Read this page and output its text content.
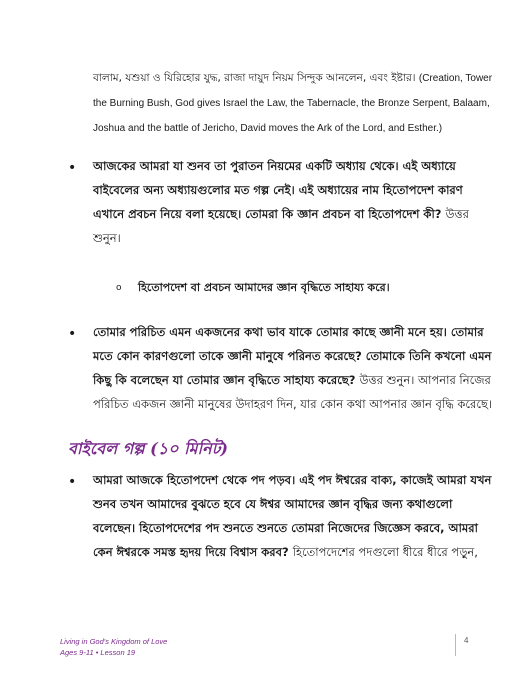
বালাম, যশুয়া ও যিরিহোর যুদ্ধ, রাজা দায়ুদ নিয়ম সিন্দুক আনলেন, এবং ইষ্টার। (Creation, Tower the Burning Bush, God gives Israel the Law, the Tabernacle, the Bronze Serpent, Balaam, Joshua and the battle of Jericho, David moves the Ark of the Lord, and Esther.)
• আজকের আমরা যা শুনব তা পুরাতন নিয়মের একটি অধ্যায় থেকে। এই অধ্যায়ে বাইবেলের অন্য অধ্যায়গুলোর মত গল্প নেই। এই অধ্যায়ের নাম হিতোপদেশ কারণ এখানে প্রবচন নিয়ে বলা হয়েছে। তোমরা কি জ্ঞান প্রবচন বা হিতোপদেশ কী? উত্তর শুনুন।
o হিতোপদেশ বা প্রবচন আমাদের জ্ঞান বৃদ্ধিতে সাহায্য করে।
• তোমার পরিচিত এমন একজনের কথা ভাব যাকে তোমার কাছে জ্ঞানী মনে হয়। তোমার মতে কোন কারণগুলো তাকে জ্ঞানী মানুষে পরিনত করেছে? তোমাকে তিনি কখনো এমন কিছু কি বলেছেন যা তোমার জ্ঞান বৃদ্ধিতে সাহায্য করেছে? উত্তর শুনুন। আপনার নিজের পরিচিত একজন জ্ঞানী মানুষের উদাহরণ দিন, যার কোন কথা আপনার জ্ঞান বৃদ্ধি করেছে।
বাইবেল গল্প (১০ মিনিট)
• আমরা আজকে হিতোপদেশ থেকে পদ পড়ব। এই পদ ঈশ্বরের বাক্য, কাজেই আমরা যখন শুনব তখন আমাদের বুঝতে হবে যে ঈশ্বর আমাদের জ্ঞান বৃদ্ধির জন্য কথাগুলো বলেছেন। হিতোপদেশের পদ শুনতে শুনতে তোমরা নিজেদের জিজ্ঞেস করবে, আমরা কেন ঈশ্বরকে সমস্ত হৃদয় দিয়ে বিশ্বাস করব? হিতোপদেশের পদগুলো ধীরে ধীরে পড়ুন,
Living in God's Kingdom of Love
Ages 9-11 • Lesson 19
4
